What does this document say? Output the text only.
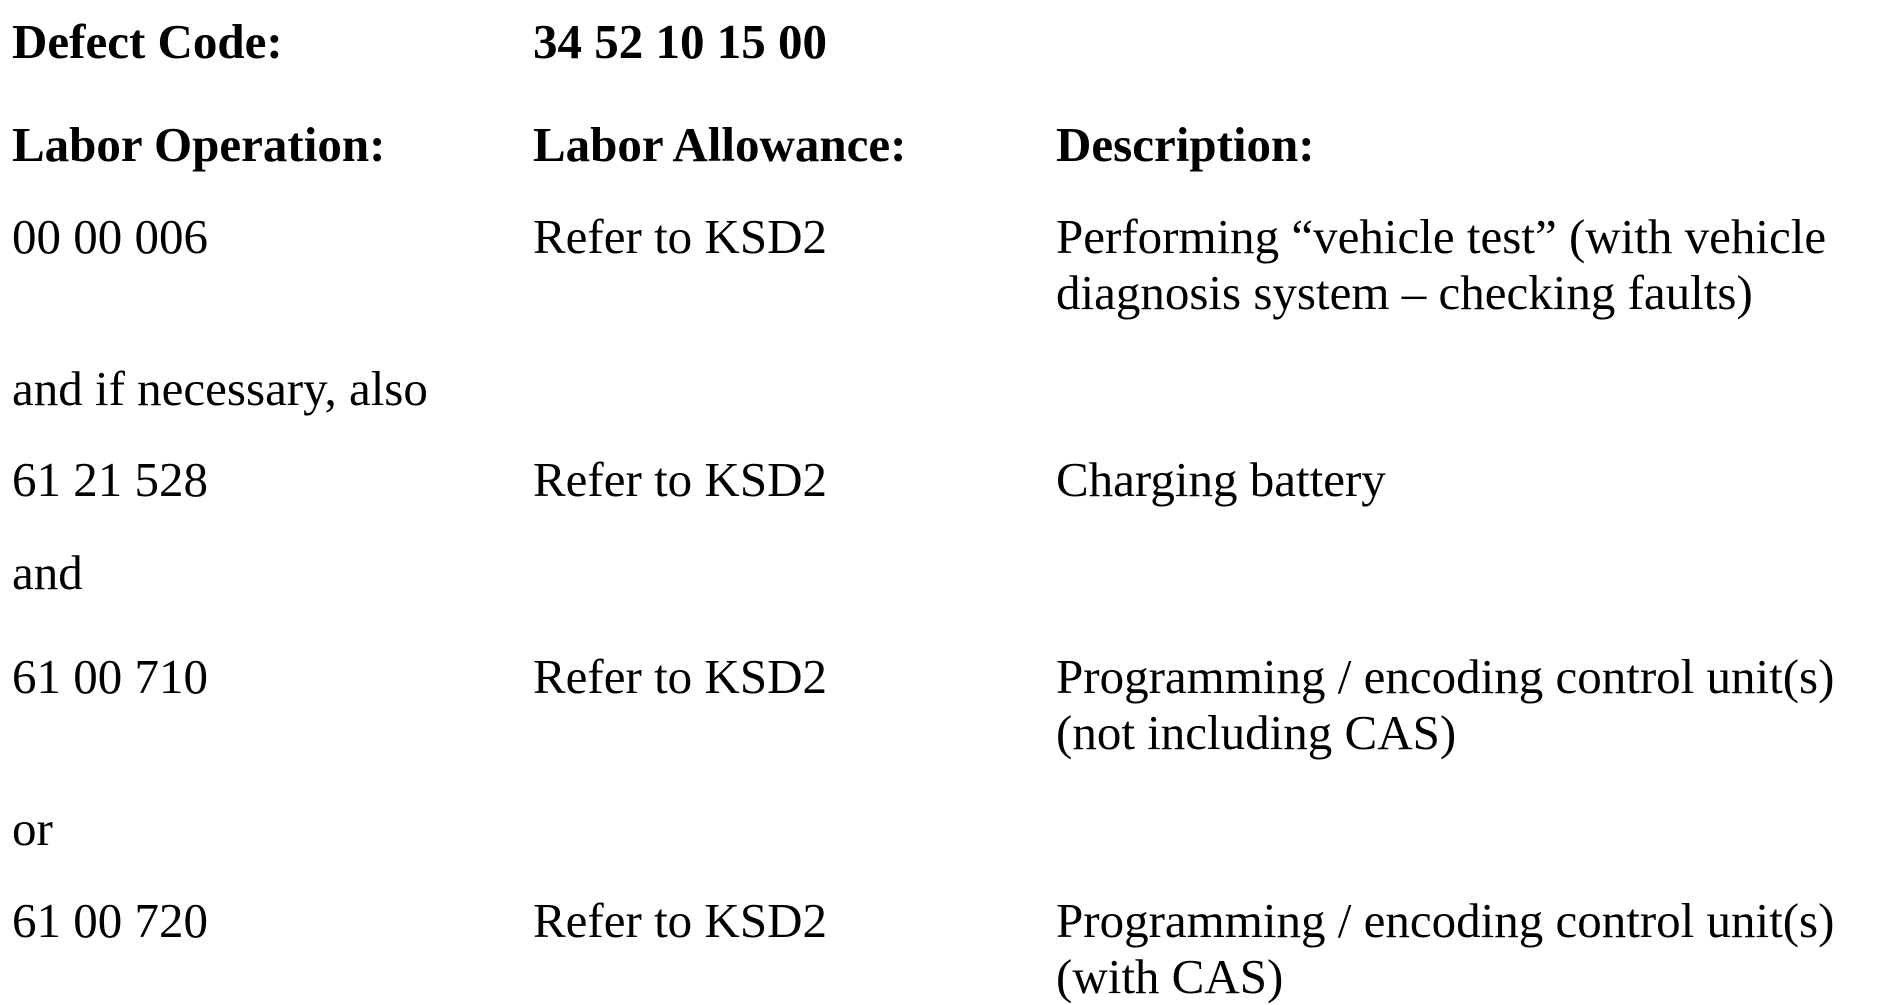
Defect Code:	34 52 10 15 00
Labor Operation:	Labor Allowance:	Description:
00 00 006	Refer to KSD2	Performing “vehicle test” (with vehicle
diagnosis system – checking faults)
and if necessary, also
61 21 528	Refer to KSD2	Charging battery
and
61 00 710	Refer to KSD2	Programming / encoding control unit(s)
(not including CAS)
or
61 00 720	Refer to KSD2	Programming / encoding control unit(s)
(with CAS)
